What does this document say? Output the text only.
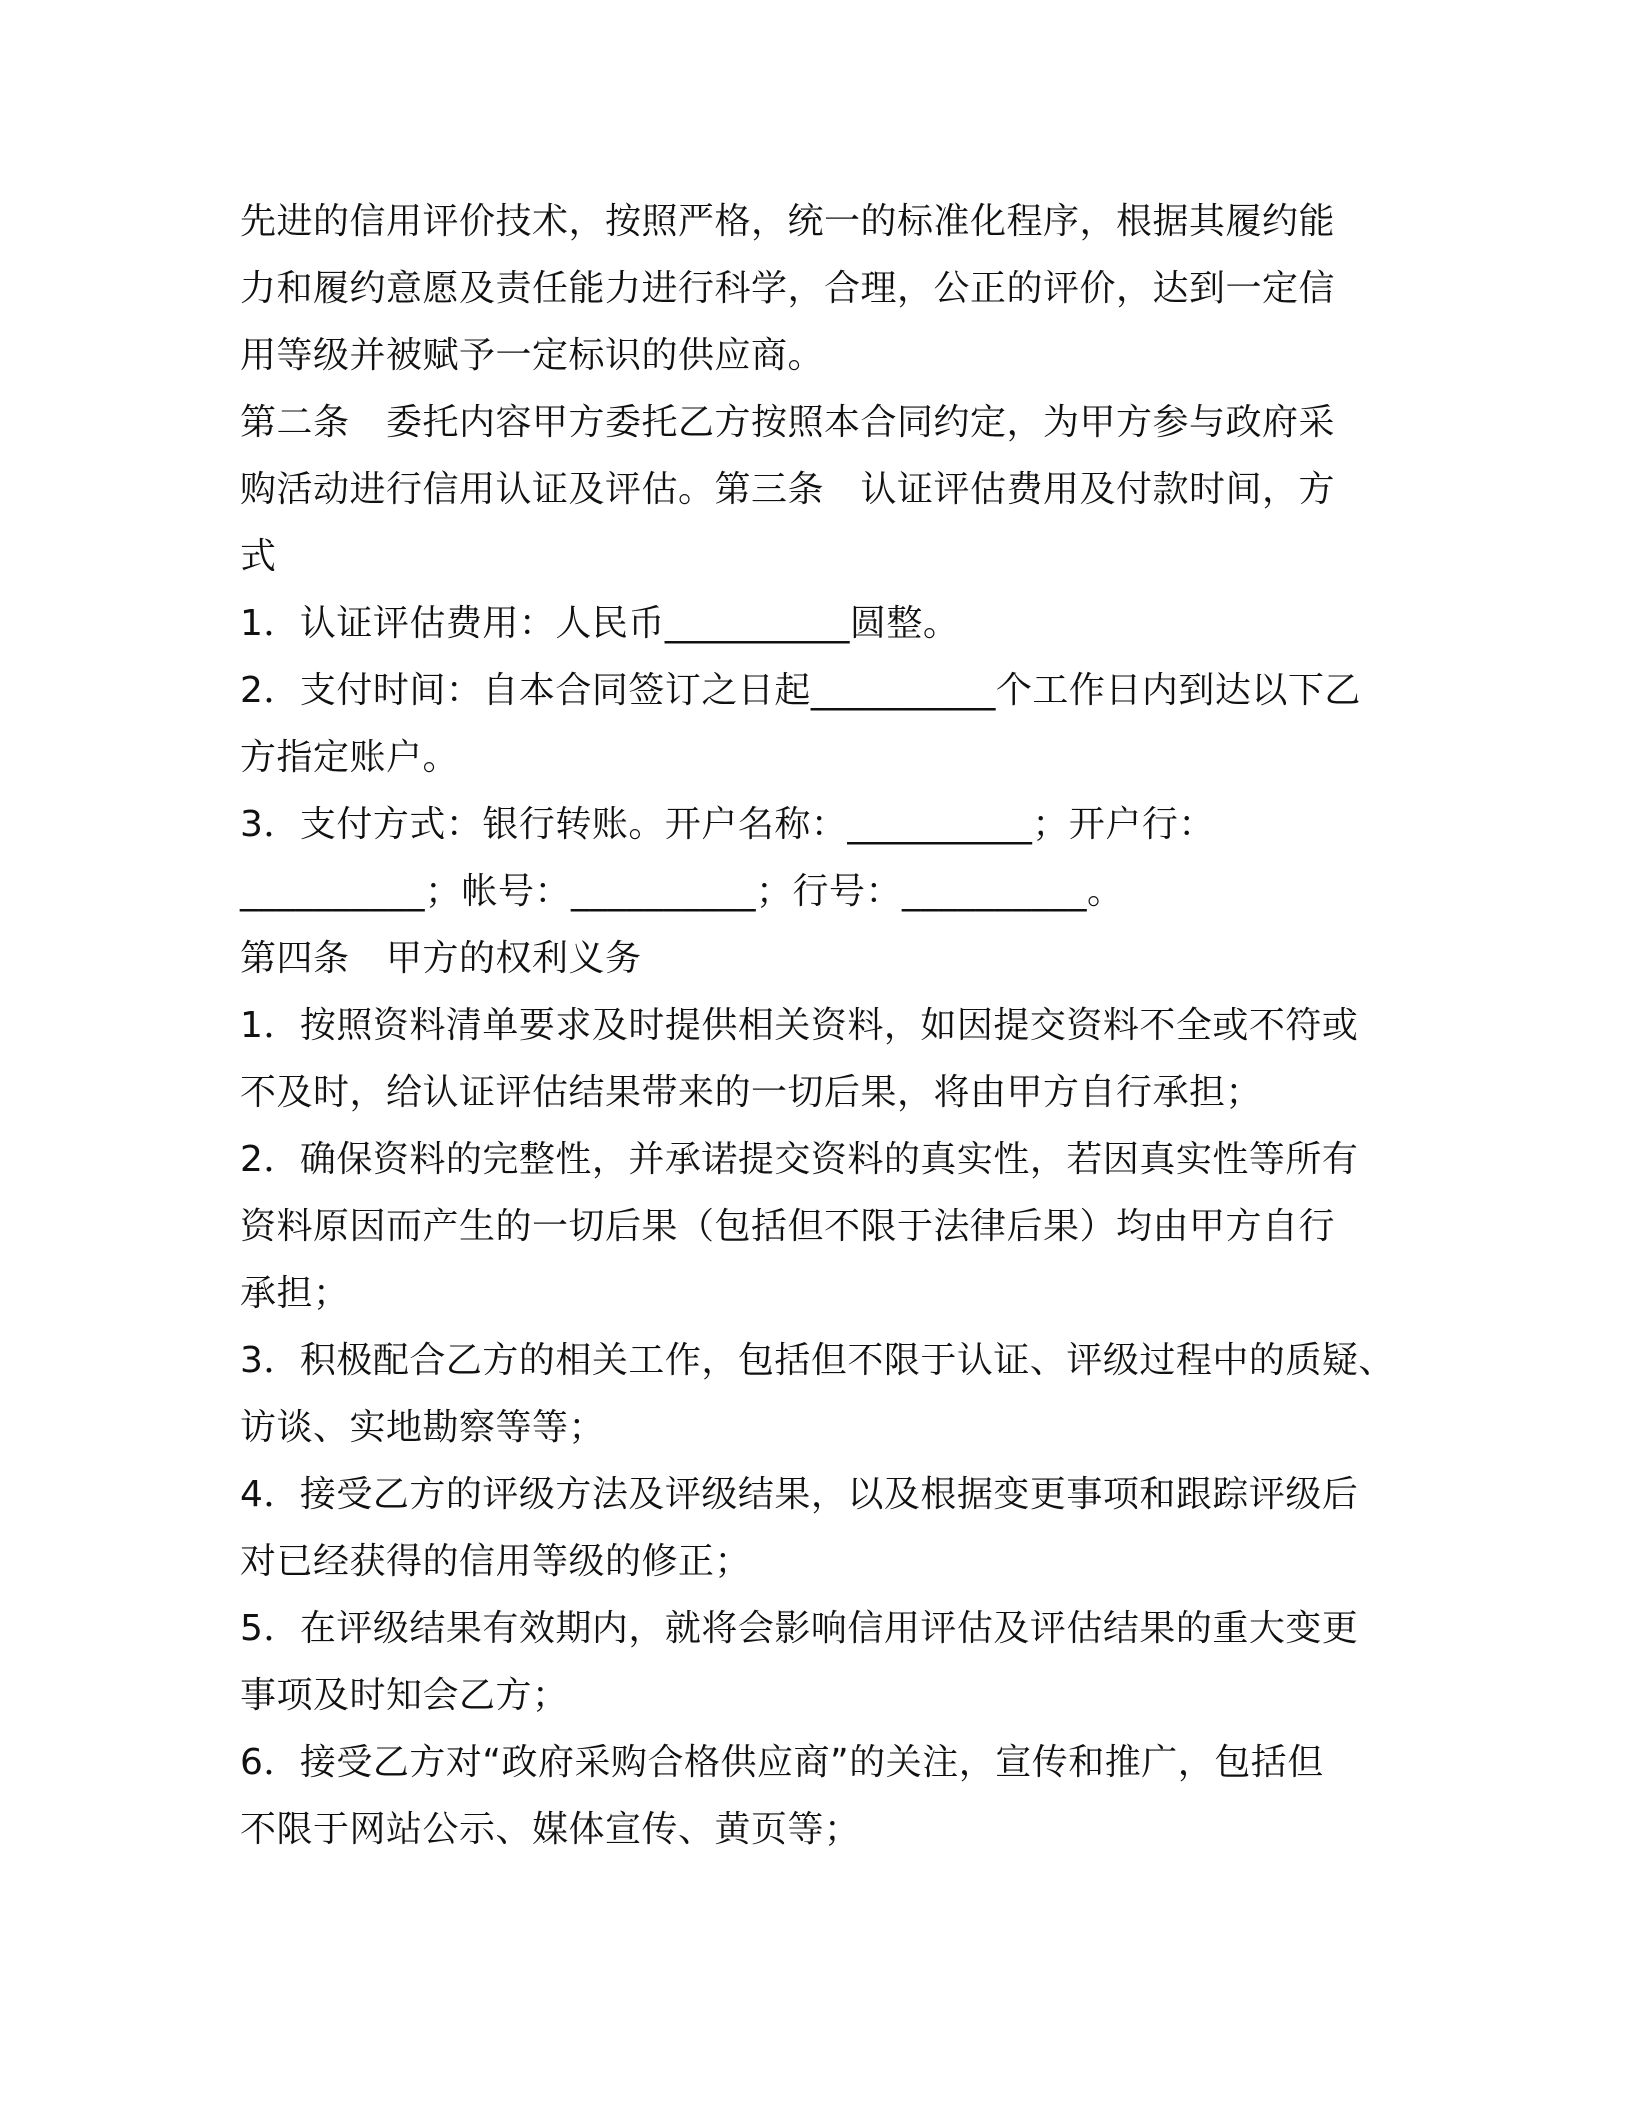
先进的信用评价技术，按照严格，统一的标准化程序，根据其履约能
力和履约意愿及责任能力进行科学，合理，公正的评价，达到一定信
用等级并被赋予一定标识的供应商。
第二条　委托内容甲方委托乙方按照本合同约定，为甲方参与政府采
购活动进行信用认证及评估。第三条　认证评估费用及付款时间，方
式
1．认证评估费用：人民币__________圆整。
2．支付时间：自本合同签订之日起__________个工作日内到达以下乙
方指定账户。
3．支付方式：银行转账。开户名称：__________；开户行：
__________；帐号：__________；行号：__________。
第四条　甲方的权利义务
1．按照资料清单要求及时提供相关资料，如因提交资料不全或不符或
不及时，给认证评估结果带来的一切后果，将由甲方自行承担；
2．确保资料的完整性，并承诺提交资料的真实性，若因真实性等所有
资料原因而产生的一切后果（包括但不限于法律后果）均由甲方自行
承担；
3．积极配合乙方的相关工作，包括但不限于认证、评级过程中的质疑、
访谈、实地勘察等等；
4．接受乙方的评级方法及评级结果，以及根据变更事项和跟踪评级后
对已经获得的信用等级的修正；
5．在评级结果有效期内，就将会影响信用评估及评估结果的重大变更
事项及时知会乙方；
6．接受乙方对“政府采购合格供应商”的关注，宣传和推广，包括但
不限于网站公示、媒体宣传、黄页等；
